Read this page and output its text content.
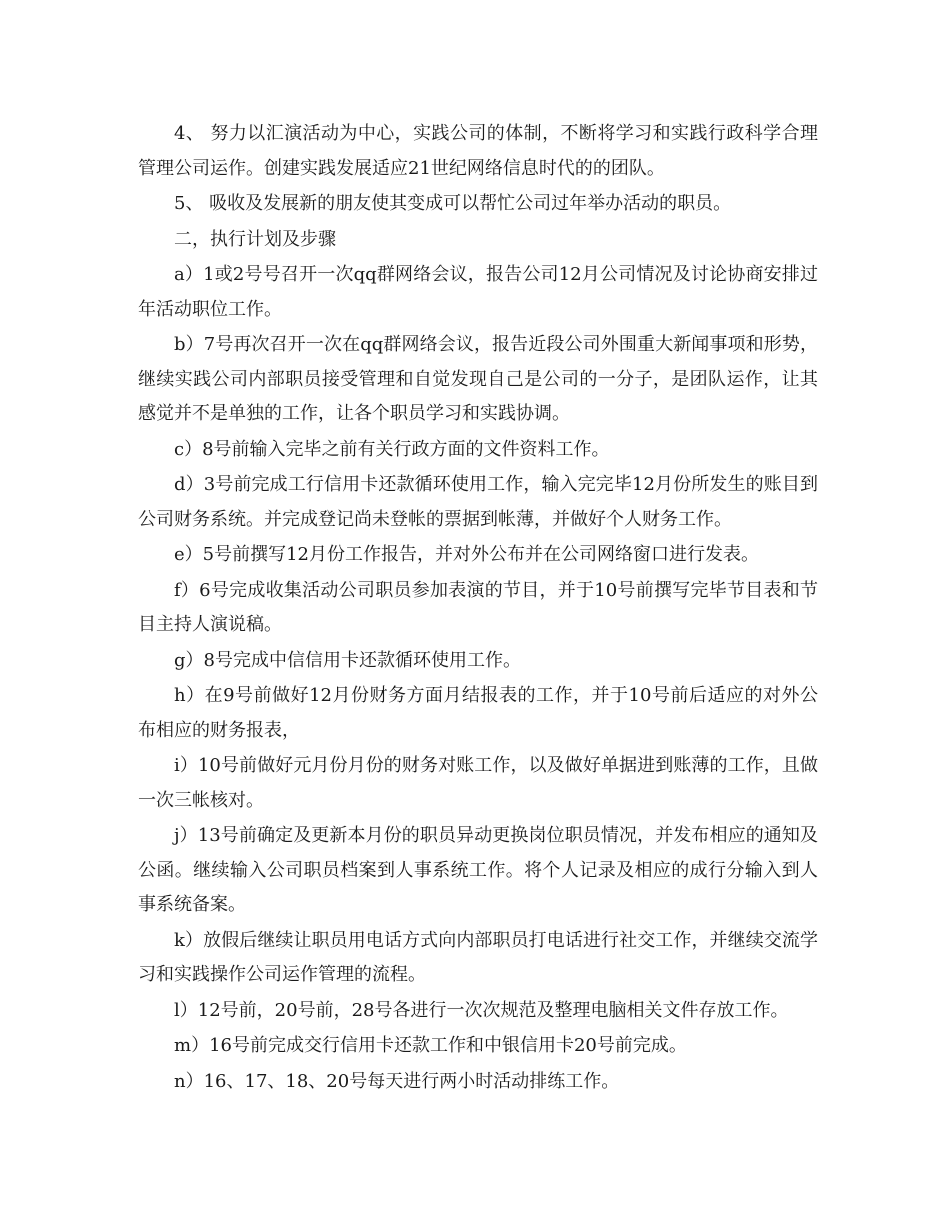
4、 努力以汇演活动为中心，实践公司的体制，不断将学习和实践行政科学合理管理公司运作。创建实践发展适应21世纪网络信息时代的的团队。

5、 吸收及发展新的朋友使其变成可以帮忙公司过年举办活动的职员。

二，执行计划及步骤

a）1或2号号召开一次qq群网络会议，报告公司12月公司情况及讨论协商安排过年活动职位工作。

b）7号再次召开一次在qq群网络会议，报告近段公司外围重大新闻事项和形势，继续实践公司内部职员接受管理和自觉发现自己是公司的一分子，是团队运作，让其感觉并不是单独的工作，让各个职员学习和实践协调。

c）8号前输入完毕之前有关行政方面的文件资料工作。

d）3号前完成工行信用卡还款循环使用工作，输入完完毕12月份所发生的账目到公司财务系统。并完成登记尚未登帐的票据到帐薄，并做好个人财务工作。

e）5号前撰写12月份工作报告，并对外公布并在公司网络窗口进行发表。

f）6号完成收集活动公司职员参加表演的节目，并于10号前撰写完毕节目表和节目主持人演说稿。

g）8号完成中信信用卡还款循环使用工作。

h）在9号前做好12月份财务方面月结报表的工作，并于10号前后适应的对外公布相应的财务报表，

i）10号前做好元月份月份的财务对账工作，以及做好单据进到账薄的工作，且做一次三帐核对。

j）13号前确定及更新本月份的职员异动更换岗位职员情况，并发布相应的通知及公函。继续输入公司职员档案到人事系统工作。将个人记录及相应的成行分输入到人事系统备案。

k）放假后继续让职员用电话方式向内部职员打电话进行社交工作，并继续交流学习和实践操作公司运作管理的流程。

l）12号前，20号前，28号各进行一次次规范及整理电脑相关文件存放工作。

m）16号前完成交行信用卡还款工作和中银信用卡20号前完成。

n）16、17、18、20号每天进行两小时活动排练工作。
